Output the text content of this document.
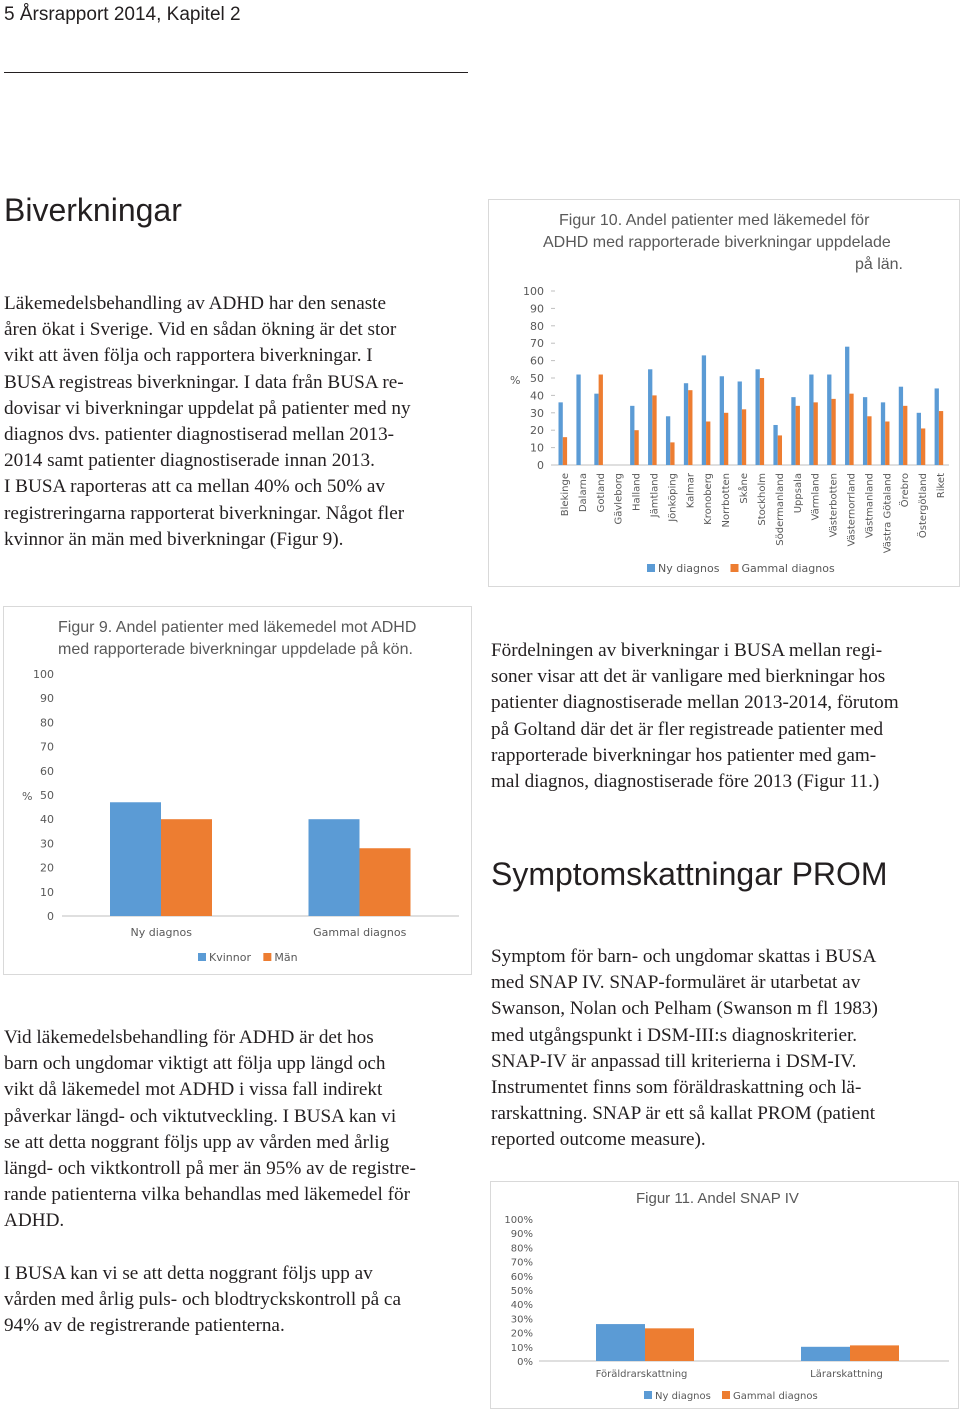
5 Årsrapport 2014, Kapitel 2
Biverkningar
Läkemedelsbehandling av ADHD har den senaste
åren ökat i Sverige. Vid en sådan ökning är det stor
vikt att även följa och rapportera biverkningar. I
BUSA registreas biverkningar. I data från BUSA re-
dovisar vi biverkningar uppdelat på patienter med ny
diagnos dvs. patienter diagnostiserad mellan 2013-
2014 samt patienter diagnostiserade innan 2013.
I BUSA raporteras att ca mellan 40% och 50% av
registreringarna rapporterat biverkningar. Något fler
kvinnor än män med biverkningar (Figur 9).
Figur 10. Andel patienter med läkemedel för
ADHD med rapporterade biverkningar uppdelade
på län.
0
10
20
30
40
50
60
70
80
90
100
%
Blekinge Dalarna Gotland Gävleborg Halland Jämtland Jönköping Kalmar Kronoberg Norrbotten Skåne Stockholm Södermanland Uppsala Värmland Västerbotten Västernorrland Västmanland Västra Götaland Örebro Östergötland Riket
Ny diagnos Gammal diagnos
Figur 9. Andel patienter med läkemedel mot ADHD
med rapporterade biverkningar uppdelade på kön.
0
10
20
30
40
50
60
70
80
90
100
%
Ny diagnos	Gammal diagnos
Kvinnor Män
Fördelningen av biverkningar i BUSA mellan regi-
soner visar att det är vanligare med bierkningar hos
patienter diagnostiserade mellan 2013-2014, förutom
på Goltand där det är fler registreade patienter med
rapporterade biverkningar hos patienter med gam-
mal diagnos, diagnostiserade före 2013 (Figur 11.)
Symptomskattningar PROM
Vid läkemedelsbehandling för ADHD är det hos
barn och ungdomar viktigt att följa upp längd och
vikt då läkemedel mot ADHD i vissa fall indirekt
påverkar längd- och viktutveckling. I BUSA kan vi
se att detta noggrant följs upp av vården med årlig
längd- och viktkontroll på mer än 95% av de registre-
rande patienterna vilka behandlas med läkemedel för
ADHD.
I BUSA kan vi se att detta noggrant följs upp av
vården med årlig puls- och blodtryckskontroll på ca
94% av de registrerande patienterna.
Symptom för barn- och ungdomar skattas i BUSA
med SNAP IV. SNAP-formuläret är utarbetat av
Swanson, Nolan och Pelham (Swanson m fl 1983)
med utgångspunkt i DSM-III:s diagnoskriterier.
SNAP-IV är anpassad till kriterierna i DSM-IV.
Instrumentet finns som föräldraskattning och lä-
rarskattning. SNAP är ett så kallat PROM (patient
reported outcome measure).
Figur 11. Andel SNAP IV
0%
10%
20%
30%
40%
50%
60%
70%
80%
90%
100%
Föräldrarskattning	Lärarskattning
Ny diagnos Gammal diagnos
